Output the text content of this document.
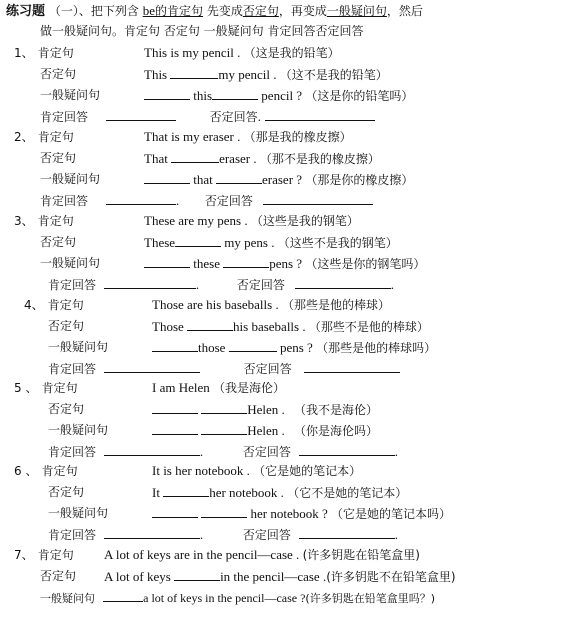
练习题 （一）、把下列含 be的肯定句 先变成否定句，再变成一般疑问句，然后
做一般疑问句。肯定句 否定句 一般疑问句 肯定回答否定回答
1、 肯定句	This is my pencil . （这是我的铅笔）
否定句	This	my pencil . （这不是我的铅笔）
一般疑问句	this	pencil ? （这是你的铅笔吗）
肯定回答	否定回答.
2、 肯定句	That is my eraser . （那是我的橡皮擦）
否定句	That	eraser . （那不是我的橡皮擦）
一般疑问句	that	eraser ? （那是你的橡皮擦）
肯定回答	. 否定回答
3、 肯定句	These are my pens . （这些是我的钢笔）
否定句	These	my pens . （这些不是我的钢笔）
一般疑问句	these	pens ? （这些是你的钢笔吗）
肯定回答	.	否定回答	.
4、 肯定句	Those are his baseballs . （那些是他的棒球）
否定句	Those	his baseballs . （那些不是他的棒球）
一般疑问句	those	pens ? （那些是他的棒球吗）
肯定回答	否定回答
5 、 肯定句	I am Helen （我是海伦）
否定句	Helen . （我不是海伦）
一般疑问句	Helen . （你是海伦吗）
肯定回答	.	否定回答	.
6 、 肯定句	It is her notebook . （它是她的笔记本）
否定句	It	her notebook . （它不是她的笔记本）
一般疑问句	her notebook ? （它是她的笔记本吗）
肯定回答	.	否定回答	.
7、 肯定句 A lot of keys are in the pencil—case . (许多钥匙在铅笔盒里)
否定句 A lot of keys	in the pencil—case .(许多钥匙不在铅笔盒里)
一般疑问句	a lot of keys in the pencil—case ?(许多钥匙在铅笔盒里吗？)
